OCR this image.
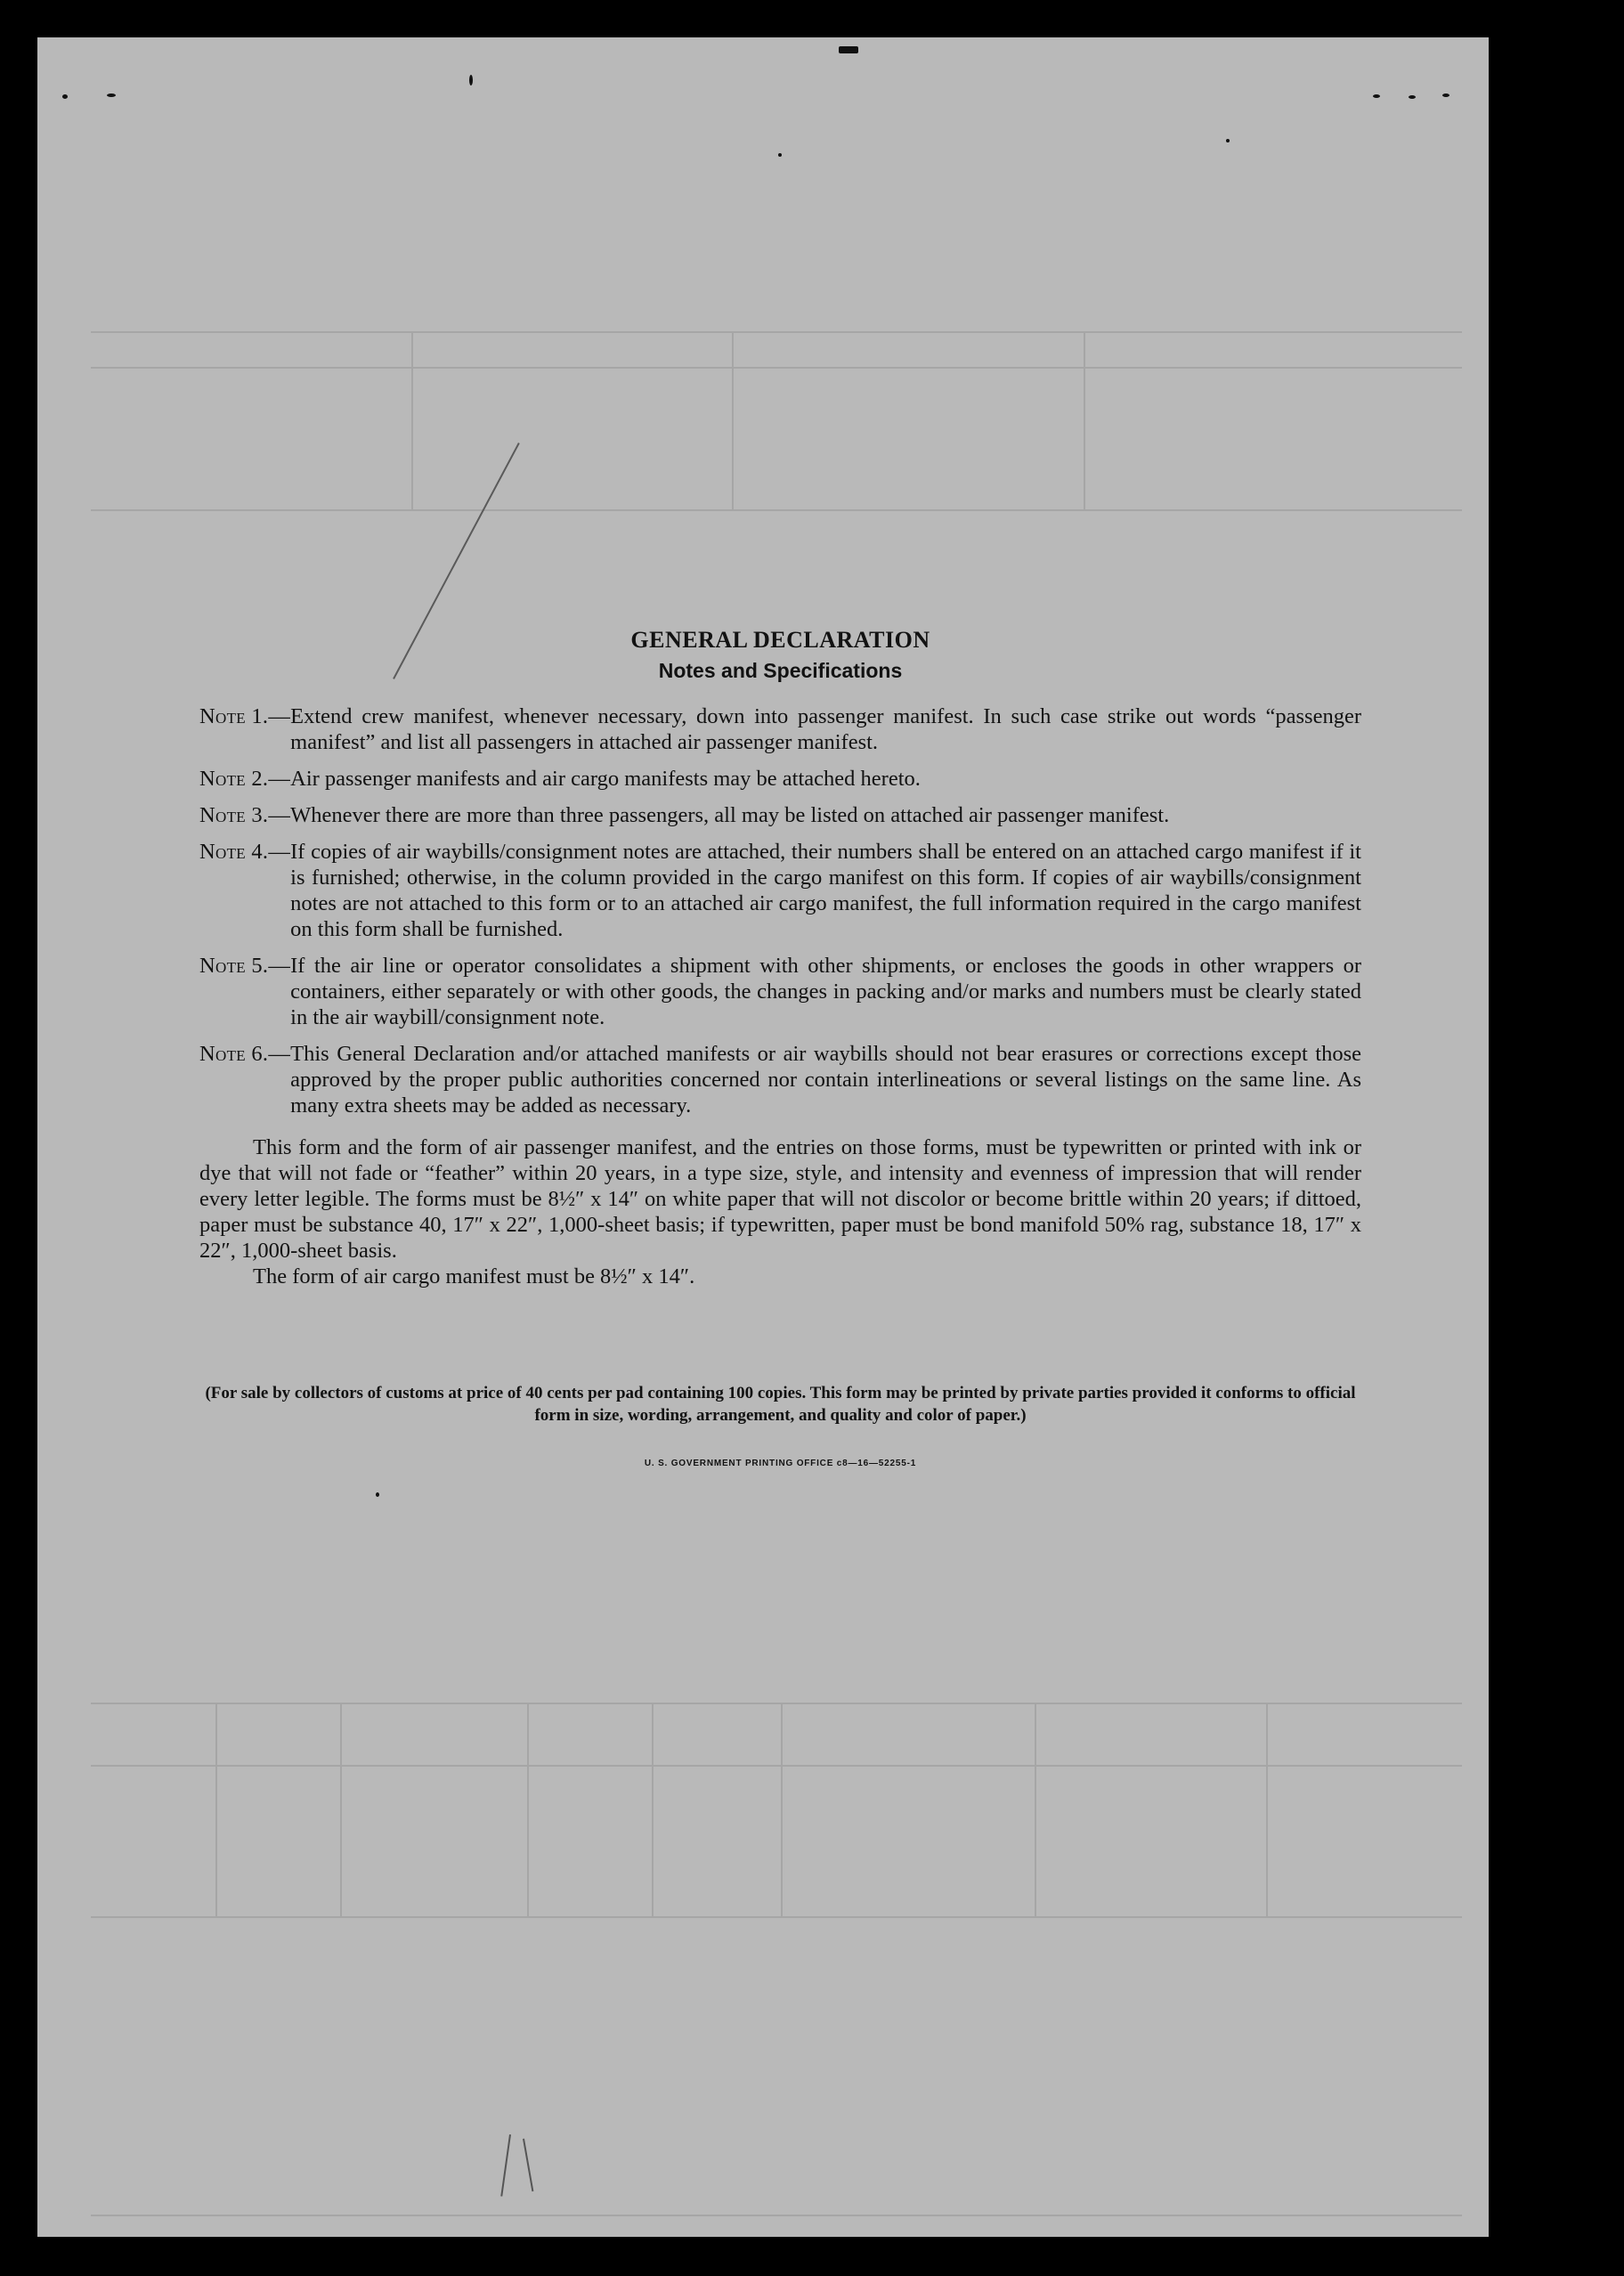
GENERAL DECLARATION
Notes and Specifications
Note 1.— Extend crew manifest, whenever necessary, down into passenger manifest. In such case strike out words “passenger manifest” and list all passengers in attached air passenger manifest.
Note 2.— Air passenger manifests and air cargo manifests may be attached hereto.
Note 3.— Whenever there are more than three passengers, all may be listed on attached air passenger manifest.
Note 4.— If copies of air waybills/consignment notes are attached, their numbers shall be entered on an attached cargo manifest if it is furnished; otherwise, in the column provided in the cargo manifest on this form. If copies of air waybills/consignment notes are not attached to this form or to an attached air cargo manifest, the full information required in the cargo manifest on this form shall be furnished.
Note 5.— If the air line or operator consolidates a shipment with other shipments, or encloses the goods in other wrappers or containers, either separately or with other goods, the changes in packing and/or marks and numbers must be clearly stated in the air waybill/consignment note.
Note 6.— This General Declaration and/or attached manifests or air waybills should not bear erasures or corrections except those approved by the proper public authorities concerned nor contain interlineations or several listings on the same line. As many extra sheets may be added as necessary.

This form and the form of air passenger manifest, and the entries on those forms, must be typewritten or printed with ink or dye that will not fade or “feather” within 20 years, in a type size, style, and intensity and evenness of impression that will render every letter legible. The forms must be 8½″ x 14″ on white paper that will not discolor or become brittle within 20 years; if dittoed, paper must be substance 40, 17″ x 22″, 1,000-sheet basis; if typewritten, paper must be bond manifold 50% rag, substance 18, 17″ x 22″, 1,000-sheet basis.

The form of air cargo manifest must be 8½″ x 14″.

(For sale by collectors of customs at price of 40 cents per pad containing 100 copies. This form may be printed by private parties provided it conforms to official form in size, wording, arrangement, and quality and color of paper.)

U. S. GOVERNMENT PRINTING OFFICE c8—16—52255-1
